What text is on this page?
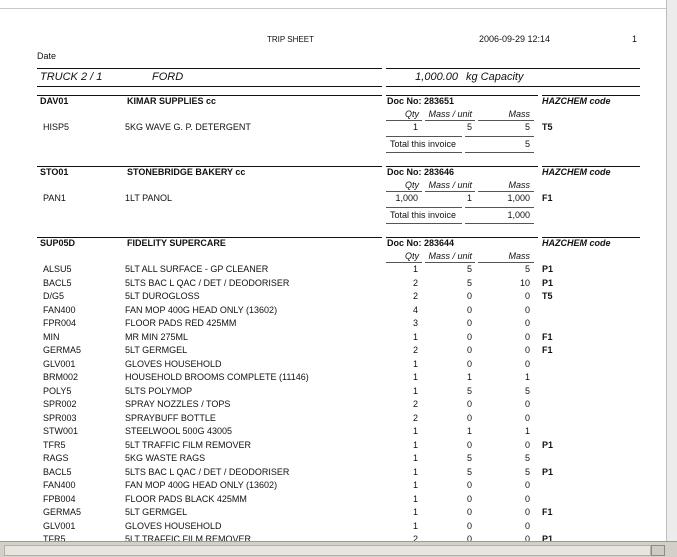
TRIP SHEET	2006-09-29 12:14	1
Date
TRUCK 2 / 1	FORD	1,000.00 kg Capacity
DAV01	KIMAR SUPPLIES cc	Doc No: 283651	HAZCHEM code
Qty	Mass / unit	Mass
HISP5	5KG WAVE G. P. DETERGENT	1	5	5 T5
Total this invoice	5
STO01	STONEBRIDGE BAKERY cc	Doc No: 283646	HAZCHEM code
Qty	Mass / unit	Mass
PAN1	1LT PANOL	1,000	1	1,000 F1
Total this invoice	1,000
SUP05D	FIDELITY SUPERCARE	Doc No: 283644	HAZCHEM code
Qty	Mass / unit	Mass
ALSU5	5LT ALL SURFACE - GP CLEANER	1	5	5 P1
BACL5	5LTS BAC L QAC / DET / DEODORISER	2	5	10 P1
D/G5	5LT DUROGLOSS	2	0	0 T5
FAN400	FAN MOP 400G HEAD ONLY (13602)	4	0	0
FPR004	FLOOR PADS RED 425MM	3	0	0
MIN	MR MIN 275ML	1	0	0 F1
GERMA5	5LT GERMGEL	2	0	0 F1
GLV001	GLOVES HOUSEHOLD	1	0	0
BRM002	HOUSEHOLD BROOMS COMPLETE (11146)	1	1	1
POLY5	5LTS POLYMOP	1	5	5
SPR002	SPRAY NOZZLES / TOPS	2	0	0
SPR003	SPRAYBUFF BOTTLE	2	0	0
STW001	STEELWOOL 500G 43005	1	1	1
TFR5	5LT TRAFFIC FILM REMOVER	1	0	0 P1
RAGS	5KG WASTE RAGS	1	5	5
BACL5	5LTS BAC L QAC / DET / DEODORISER	1	5	5 P1
FAN400	FAN MOP 400G HEAD ONLY (13602)	1	0	0
FPB004	FLOOR PADS BLACK 425MM	1	0	0
GERMA5	5LT GERMGEL	1	0	0 F1
GLV001	GLOVES HOUSEHOLD	1	0	0
TFR5	5LT TRAFFIC FILM REMOVER	2	0	0 P1
